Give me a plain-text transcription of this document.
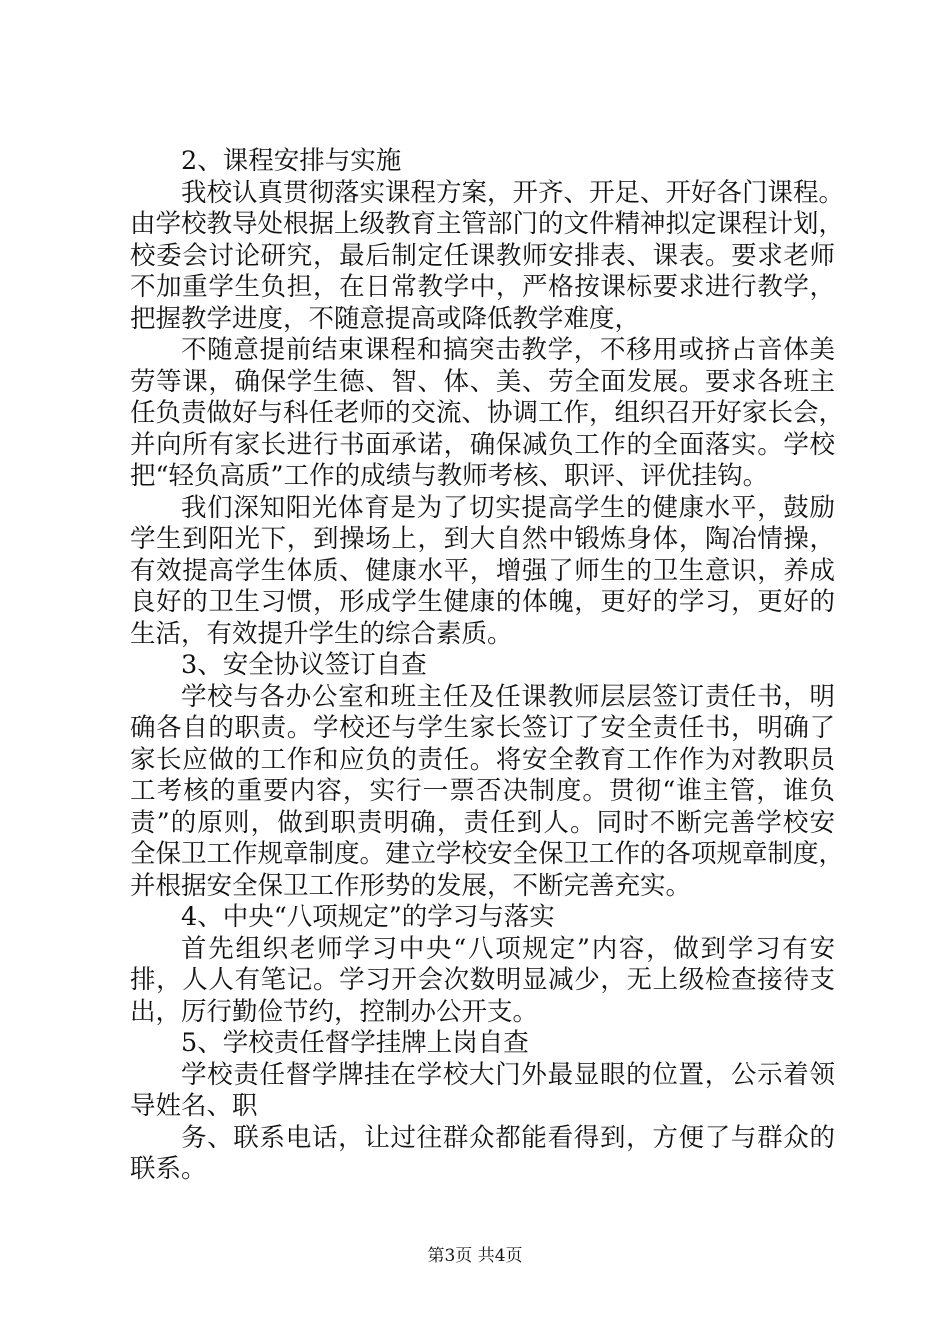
2、课程安排与实施
我校认真贯彻落实课程方案，开齐、开足、开好各门课程。
由学校教导处根据上级教育主管部门的文件精神拟定课程计划，
校委会讨论研究，最后制定任课教师安排表、课表。要求老师
不加重学生负担，在日常教学中，严格按课标要求进行教学，
把握教学进度，不随意提高或降低教学难度，
不随意提前结束课程和搞突击教学，不移用或挤占音体美
劳等课，确保学生德、智、体、美、劳全面发展。要求各班主
任负责做好与科任老师的交流、协调工作，组织召开好家长会，
并向所有家长进行书面承诺，确保减负工作的全面落实。学校
把“轻负高质”工作的成绩与教师考核、职评、评优挂钩。
我们深知阳光体育是为了切实提高学生的健康水平，鼓励
学生到阳光下，到操场上，到大自然中锻炼身体，陶冶情操，
有效提高学生体质、健康水平，增强了师生的卫生意识，养成
良好的卫生习惯，形成学生健康的体魄，更好的学习，更好的
生活，有效提升学生的综合素质。
3、安全协议签订自查
学校与各办公室和班主任及任课教师层层签订责任书，明
确各自的职责。学校还与学生家长签订了安全责任书，明确了
家长应做的工作和应负的责任。将安全教育工作作为对教职员
工考核的重要内容，实行一票否决制度。贯彻“谁主管，谁负
责”的原则，做到职责明确，责任到人。同时不断完善学校安
全保卫工作规章制度。建立学校安全保卫工作的各项规章制度，
并根据安全保卫工作形势的发展，不断完善充实。
4、中央“八项规定”的学习与落实
首先组织老师学习中央“八项规定”内容，做到学习有安
排，人人有笔记。学习开会次数明显减少，无上级检查接待支
出，厉行勤俭节约，控制办公开支。
5、学校责任督学挂牌上岗自查
学校责任督学牌挂在学校大门外最显眼的位置，公示着领
导姓名、职
务、联系电话，让过往群众都能看得到，方便了与群众的
联系。
第3页 共4页
